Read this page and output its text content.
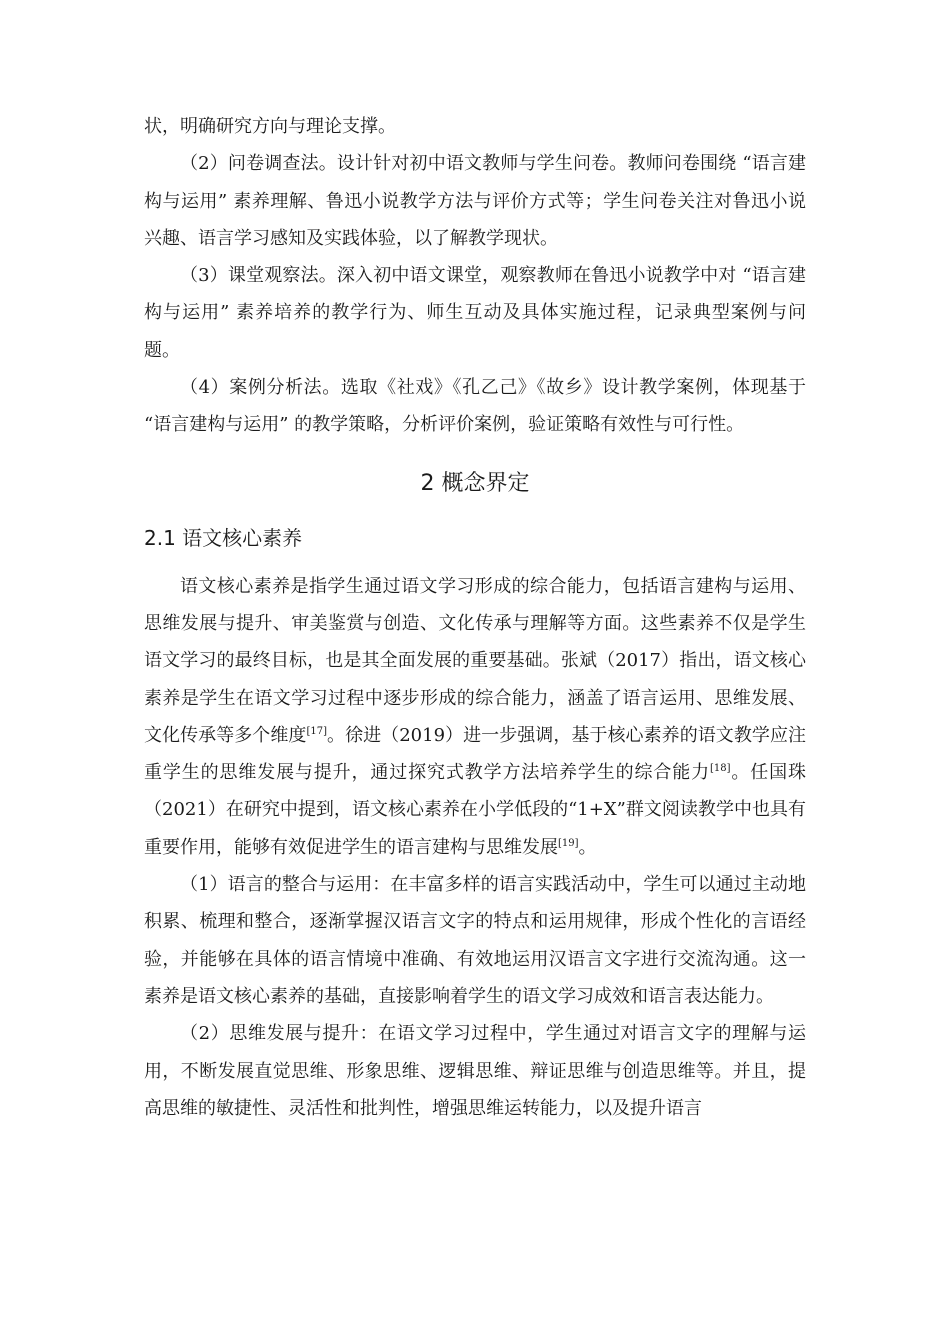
状，明确研究方向与理论支撑。

（2）问卷调查法。设计针对初中语文教师与学生问卷。教师问卷围绕 “语言建构与运用” 素养理解、鲁迅小说教学方法与评价方式等；学生问卷关注对鲁迅小说兴趣、语言学习感知及实践体验，以了解教学现状。

（3）课堂观察法。深入初中语文课堂，观察教师在鲁迅小说教学中对 “语言建构与运用” 素养培养的教学行为、师生互动及具体实施过程，记录典型案例与问题。

（4）案例分析法。选取《社戏》《孔乙己》《故乡》设计教学案例，体现基于 “语言建构与运用” 的教学策略，分析评价案例，验证策略有效性与可行性。

2 概念界定
2.1 语文核心素养

语文核心素养是指学生通过语文学习形成的综合能力，包括语言建构与运用、思维发展与提升、审美鉴赏与创造、文化传承与理解等方面。这些素养不仅是学生语文学习的最终目标，也是其全面发展的重要基础。张斌（2017）指出，语文核心素养是学生在语文学习过程中逐步形成的综合能力，涵盖了语言运用、思维发展、文化传承等多个维度[17]。徐进（2019）进一步强调，基于核心素养的语文教学应注重学生的思维发展与提升，通过探究式教学方法培养学生的综合能力[18]。任国珠（2021）在研究中提到，语文核心素养在小学低段的“1+X”群文阅读教学中也具有重要作用，能够有效促进学生的语言建构与思维发展[19]。

（1）语言的整合与运用：在丰富多样的语言实践活动中，学生可以通过主动地积累、梳理和整合，逐渐掌握汉语言文字的特点和运用规律，形成个性化的言语经验，并能够在具体的语言情境中准确、有效地运用汉语言文字进行交流沟通。这一素养是语文核心素养的基础，直接影响着学生的语文学习成效和语言表达能力。

（2）思维发展与提升：在语文学习过程中，学生通过对语言文字的理解与运用，不断发展直觉思维、形象思维、逻辑思维、辩证思维与创造思维等。并且，提高思维的敏捷性、灵活性和批判性，增强思维运转能力，以及提升语言
